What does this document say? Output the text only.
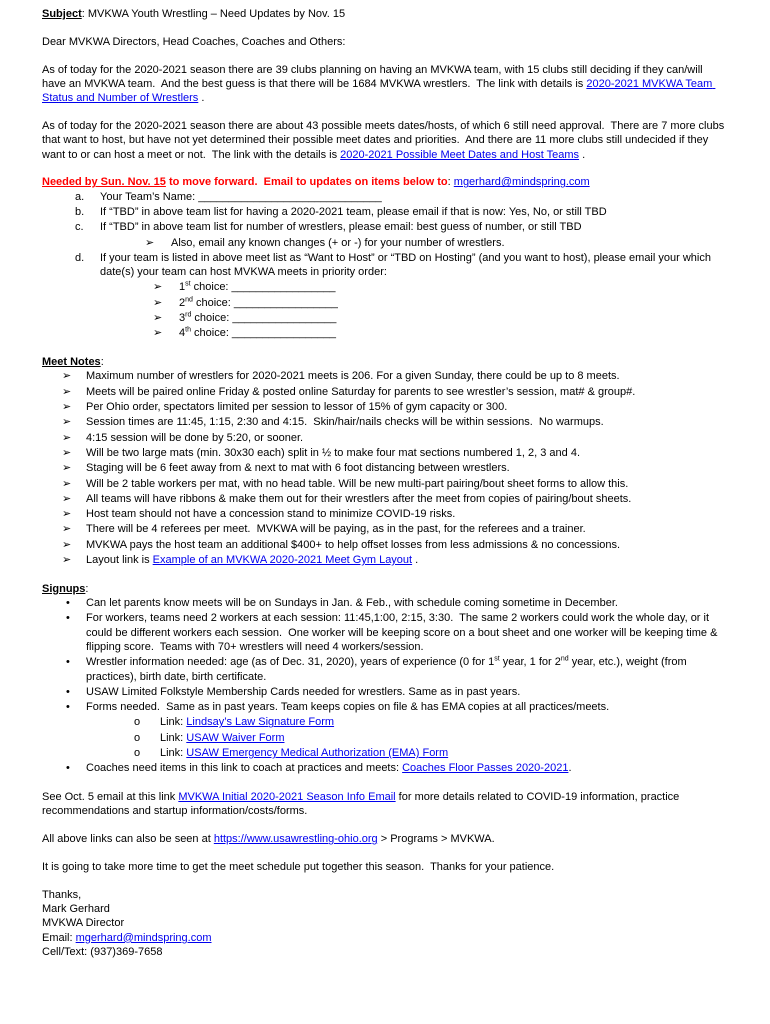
Subject: MVKWA Youth Wrestling – Need Updates by Nov. 15

Dear MVKWA Directors, Head Coaches, Coaches and Others:

As of today for the 2020-2021 season there are 39 clubs planning on having an MVKWA team, with 15 clubs still deciding if they can/will have an MVKWA team.  And the best guess is that there will be 1684 MVKWA wrestlers.  The link with details is 2020-2021 MVKWA Team Status and Number of Wrestlers .

As of today for the 2020-2021 season there are about 43 possible meets dates/hosts, of which 6 still need approval.  There are 7 more clubs that want to host, but have not yet determined their possible meet dates and priorities.  And there are 11 more clubs still undecided if they want to or can host a meet or not.  The link with the details is 2020-2021 Possible Meet Dates and Host Teams .

Needed by Sun. Nov. 15 to move forward.  Email to updates on items below to: mgerhard@mindspring.com

a.	Your Team’s Name: ______________________________
b.	If “TBD” in above team list for having a 2020-2021 team, please email if that is now: Yes, No, or still TBD
c.	If “TBD” in above team list for number of wrestlers, please email: best guess of number, or still TBD
➢	Also, email any known changes (+ or -) for your number of wrestlers.
d.	If your team is listed in above meet list as “Want to Host” or “TBD on Hosting” (and you want to host), please email your which date(s) your team can host MVKWA meets in priority order:
➢	1st choice: _________________
➢	2nd choice: _________________
➢	3rd choice: _________________
➢	4th choice: _________________

Meet Notes:

➢	Maximum number of wrestlers for 2020-2021 meets is 206. For a given Sunday, there could be up to 8 meets.
➢	Meets will be paired online Friday & posted online Saturday for parents to see wrestler’s session, mat# & group#.
➢	Per Ohio order, spectators limited per session to lessor of 15% of gym capacity or 300.
➢	Session times are 11:45, 1:15, 2:30 and 4:15.  Skin/hair/nails checks will be within sessions.  No warmups.
➢	4:15 session will be done by 5:20, or sooner.
➢	Will be two large mats (min. 30x30 each) split in ½ to make four mat sections numbered 1, 2, 3 and 4.
➢	Staging will be 6 feet away from & next to mat with 6 foot distancing between wrestlers.
➢	Will be 2 table workers per mat, with no head table. Will be new multi-part pairing/bout sheet forms to allow this.
➢	All teams will have ribbons & make them out for their wrestlers after the meet from copies of pairing/bout sheets.
➢	Host team should not have a concession stand to minimize COVID-19 risks.
➢	There will be 4 referees per meet.  MVKWA will be paying, as in the past, for the referees and a trainer.
➢	MVKWA pays the host team an additional $400+ to help offset losses from less admissions & no concessions.
➢	Layout link is Example of an MVKWA 2020-2021 Meet Gym Layout .

Signups:

•	Can let parents know meets will be on Sundays in Jan. & Feb., with schedule coming sometime in December.
•	For workers, teams need 2 workers at each session: 11:45,1:00, 2:15, 3:30.  The same 2 workers could work the whole day, or it could be different workers each session.  One worker will be keeping score on a bout sheet and one worker will be keeping time & flipping score.  Teams with 70+ wrestlers will need 4 workers/session.
•	Wrestler information needed: age (as of Dec. 31, 2020), years of experience (0 for 1st year, 1 for 2nd year, etc.), weight (from practices), birth date, birth certificate.
•	USAW Limited Folkstyle Membership Cards needed for wrestlers. Same as in past years.
•	Forms needed.  Same as in past years. Team keeps copies on file & has EMA copies at all practices/meets.
o	Link: Lindsay’s Law Signature Form
o	Link: USAW Waiver Form
o	Link: USAW Emergency Medical Authorization (EMA) Form
•	Coaches need items in this link to coach at practices and meets: Coaches Floor Passes 2020-2021.

See Oct. 5 email at this link MVKWA Initial 2020-2021 Season Info Email for more details related to COVID-19 information, practice recommendations and startup information/costs/forms.

All above links can also be seen at https://www.usawrestling-ohio.org > Programs > MVKWA.

It is going to take more time to get the meet schedule put together this season.  Thanks for your patience.

Thanks,

Mark Gerhard

MVKWA Director

Email: mgerhard@mindspring.com

Cell/Text: (937)369-7658
